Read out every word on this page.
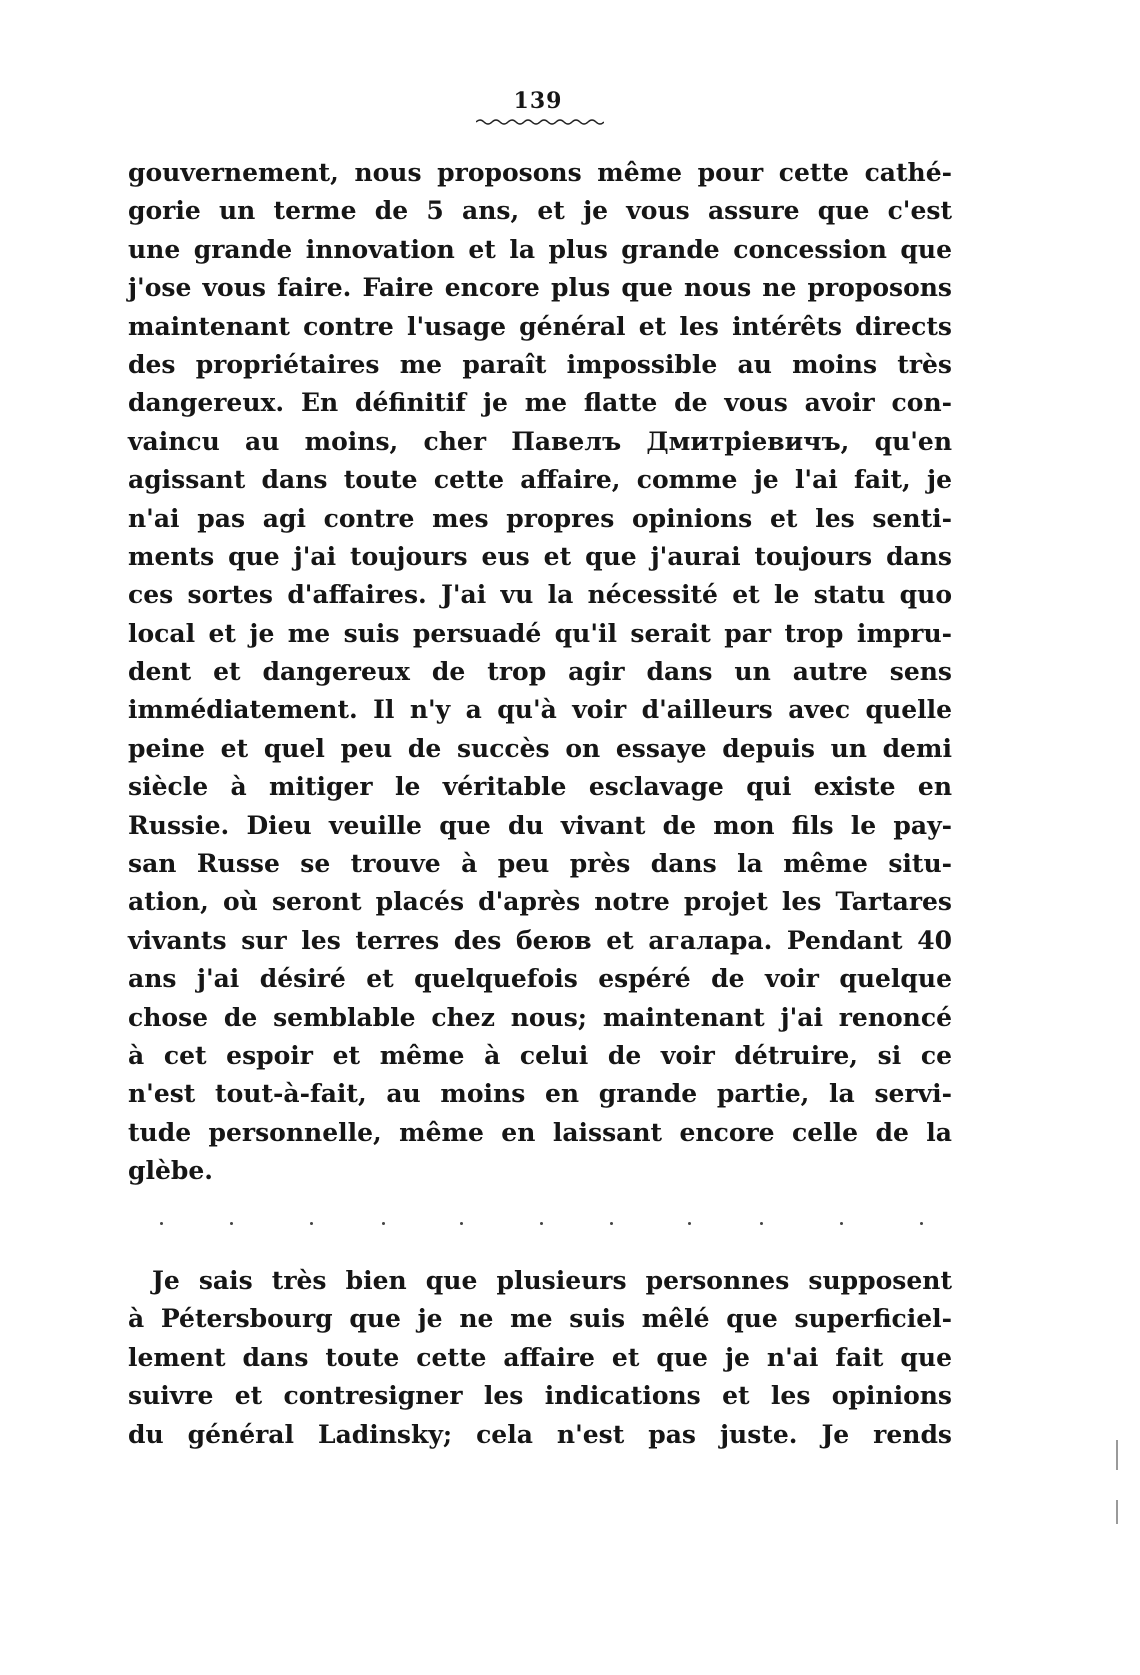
139
gouvernement, nous proposons même pour cette cathé-
gorie un terme de 5 ans, et je vous assure que c'est
une grande innovation et la plus grande concession que
j'ose vous faire. Faire encore plus que nous ne proposons
maintenant contre l'usage général et les intérêts directs
des propriétaires me paraît impossible au moins très
dangereux. En définitif je me flatte de vous avoir con-
vaincu au moins, cher Павелъ Дмитріевичъ, qu'en
agissant dans toute cette affaire, comme je l'ai fait, je
n'ai pas agi contre mes propres opinions et les senti-
ments que j'ai toujours eus et que j'aurai toujours dans
ces sortes d'affaires. J'ai vu la nécessité et le statu quo
local et je me suis persuadé qu'il serait par trop impru-
dent et dangereux de trop agir dans un autre sens
immédiatement. Il n'y a qu'à voir d'ailleurs avec quelle
peine et quel peu de succès on essaye depuis un demi
siècle à mitiger le véritable esclavage qui existe en
Russie. Dieu veuille que du vivant de mon fils le pay-
san Russe se trouve à peu près dans la même situ-
ation, où seront placés d'après notre projet les Tartares
vivants sur les terres des беюв et агалара. Pendant 40
ans j'ai désiré et quelquefois espéré de voir quelque
chose de semblable chez nous; maintenant j'ai renoncé
à cet espoir et même à celui de voir détruire, si ce
n'est tout-à-fait, au moins en grande partie, la servi-
tude personnelle, même en laissant encore celle de la
glèbe.
Je sais très bien que plusieurs personnes supposent
à Pétersbourg que je ne me suis mêlé que superficiel-
lement dans toute cette affaire et que je n'ai fait que
suivre et contresigner les indications et les opinions
du général Ladinsky; cela n'est pas juste. Je rends
